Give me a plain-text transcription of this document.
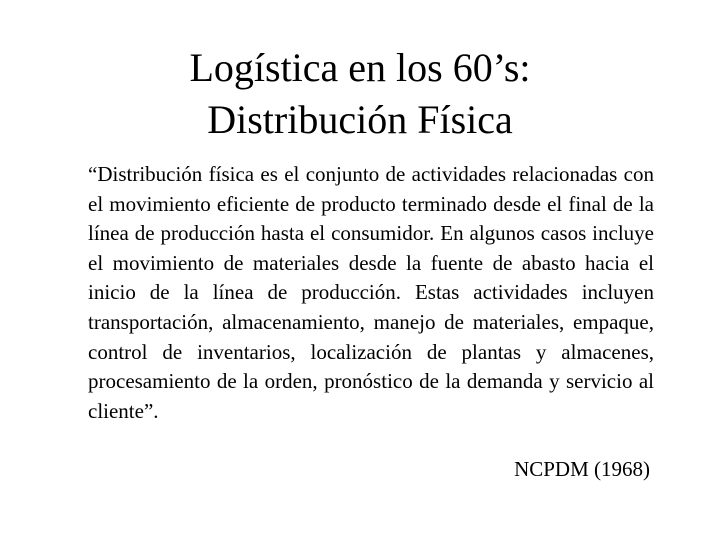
Logística en los 60’s:
Distribución Física

“Distribución física es el conjunto de actividades relacionadas con el movimiento eficiente de producto terminado desde el final de la línea de producción hasta el consumidor. En algunos casos incluye el movimiento de materiales desde la fuente de abasto hacia el inicio de la línea de producción. Estas actividades incluyen transportación, almacenamiento, manejo de materiales, empaque, control de inventarios, localización de plantas y almacenes, procesamiento de la orden, pronóstico de la demanda y servicio al cliente”.

NCPDM (1968)
